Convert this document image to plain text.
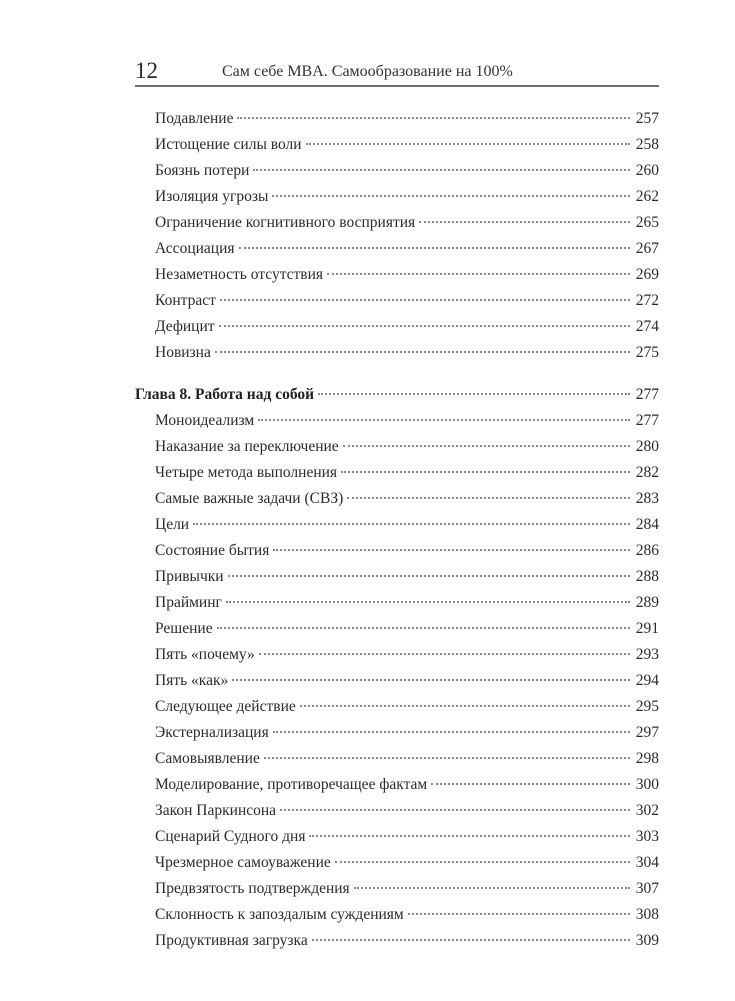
12	Сам себе MBA. Самообразование на 100%
Подавление	257
Истощение силы воли	258
Боязнь потери	260
Изоляция угрозы	262
Ограничение когнитивного восприятия	265
Ассоциация	267
Незаметность отсутствия	269
Контраст	272
Дефицит	274
Новизна	275
Глава 8. Работа над собой	277
Моноидеализм	277
Наказание за переключение	280
Четыре метода выполнения	282
Самые важные задачи (СВЗ)	283
Цели	284
Состояние бытия	286
Привычки	288
Прайминг	289
Решение	291
Пять «почему»	293
Пять «как»	294
Следующее действие	295
Экстернализация	297
Самовыявление	298
Моделирование, противоречащее фактам	300
Закон Паркинсона	302
Сценарий Судного дня	303
Чрезмерное самоуважение	304
Предвзятость подтверждения	307
Склонность к запоздалым суждениям	308
Продуктивная загрузка	309
